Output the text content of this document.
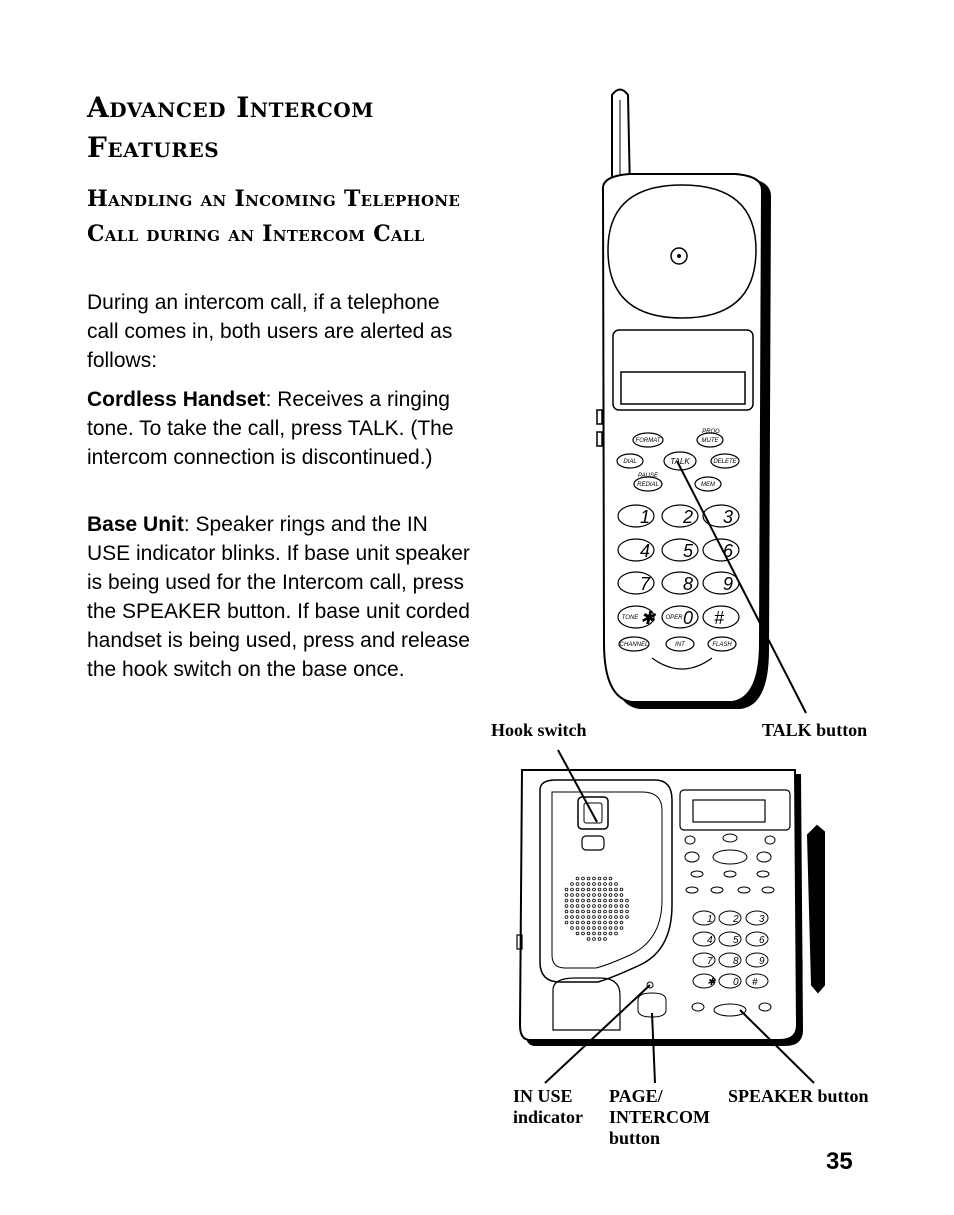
Advanced Intercom Features
Handling an Incoming Telephone Call during an Intercom Call
During an intercom call, if a telephone call comes in, both users are alerted as follows:
Cordless Handset: Receives a ringing tone. To take the call, press TALK. (The intercom connection is discontinued.)
Base Unit: Speaker rings and the IN USE indicator blinks. If base unit speaker is being used for the Intercom call, press the SPEAKER button. If base unit corded handset is being used, press and release the hook switch on the base once.
PROG
FORMAT	MUTE
DIAL	TALK	DELETE
PAUSE
REDIAL	MEM
CHANNEL	INT	FLASH
TONE	OPER
1 2 3
4 5 6
7 8 9
✱ 0 #
1 2 3
4 5 6
7 8 9
✱ 0 #
Hook switch	TALK button
IN USE indicator
PAGE/ INTERCOM button
SPEAKER button
35
